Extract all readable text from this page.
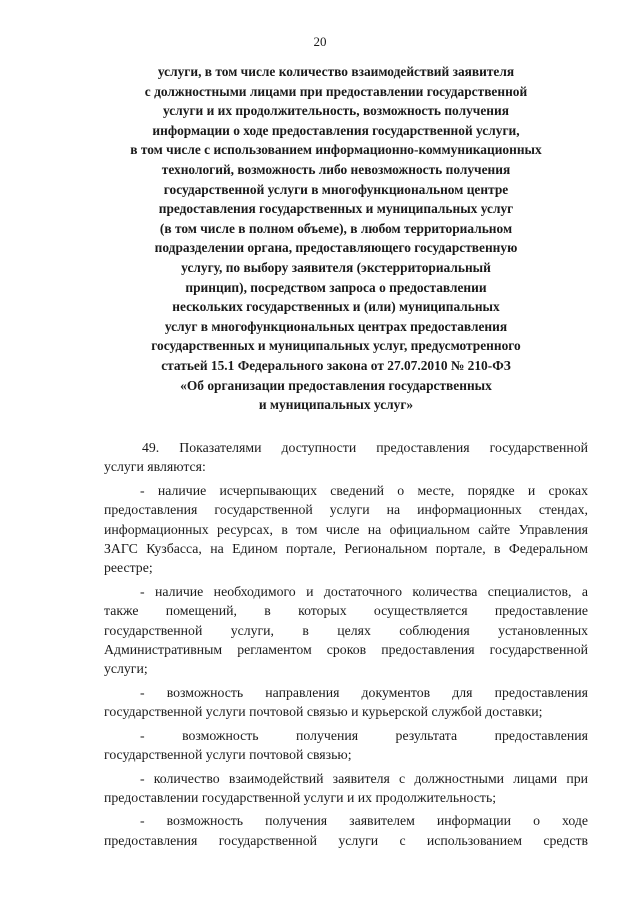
20
услуги, в том числе количество взаимодействий заявителя
с должностными лицами при предоставлении государственной
услуги и их продолжительность, возможность получения
информации о ходе предоставления государственной услуги,
в том числе с использованием информационно-коммуникационных
технологий, возможность либо невозможность получения
государственной услуги в многофункциональном центре
предоставления государственных и муниципальных услуг
(в том числе в полном объеме), в любом территориальном
подразделении органа, предоставляющего государственную
услугу, по выбору заявителя (экстерриториальный
принцип), посредством запроса о предоставлении
нескольких государственных и (или) муниципальных
услуг в многофункциональных центрах предоставления
государственных и муниципальных услуг, предусмотренного
статьей 15.1 Федерального закона от 27.07.2010 № 210-ФЗ
«Об организации предоставления государственных
и муниципальных услуг»
49. Показателями доступности предоставления государственной
услуги являются:
- наличие исчерпывающих сведений о месте, порядке и сроках
предоставления государственной услуги на информационных стендах,
информационных ресурсах, в том числе на официальном сайте Управления
ЗАГС Кузбасса, на Едином портале, Региональном портале, в Федеральном
реестре;
- наличие необходимого и достаточного количества специалистов, а
также помещений, в которых осуществляется предоставление
государственной услуги, в целях соблюдения установленных
Административным регламентом сроков предоставления государственной
услуги;
- возможность направления документов для предоставления
государственной услуги почтовой связью и курьерской службой доставки;
- возможность получения результата предоставления
государственной услуги почтовой связью;
- количество взаимодействий заявителя с должностными лицами при
предоставлении государственной услуги и их продолжительность;
- возможность получения заявителем информации о ходе
предоставления государственной услуги с использованием средств
